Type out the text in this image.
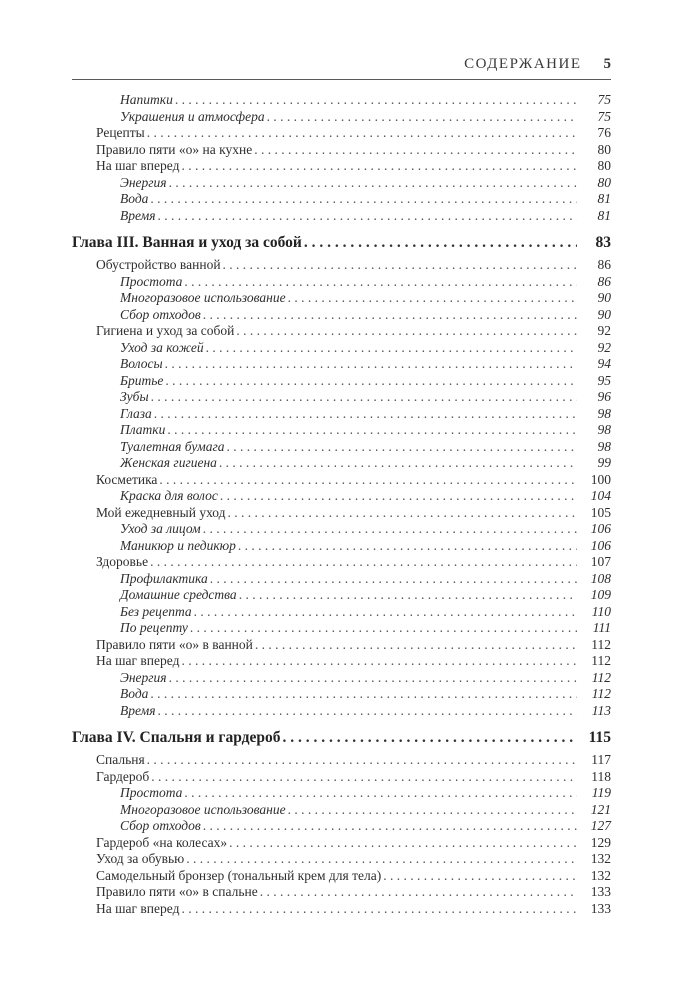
СОДЕРЖАНИЕ 5
Напитки . . .	75
Украшения и атмосфера . . .	75
Рецепты . . .	76
Правило пяти «о» на кухне . . .	80
На шаг вперед . . .	80
Энергия . . .	80
Вода . . .	81
Время . . .	81
Глава III. Ванная и уход за собой . . .	83
Обустройство ванной . . .	86
Простота . . .	86
Многоразовое использование . . .	90
Сбор отходов . . .	90
Гигиена и уход за собой . . .	92
Уход за кожей . . .	92
Волосы . . .	94
Бритье . . .	95
Зубы . . .	96
Глаза . . .	98
Платки . . .	98
Туалетная бумага . . .	98
Женская гигиена . . .	99
Косметика . . .	100
Краска для волос . . .	104
Мой ежедневный уход . . .	105
Уход за лицом . . .	106
Маникюр и педикюр . . .	106
Здоровье . . .	107
Профилактика . . .	108
Домашние средства . . .	109
Без рецепта . . .	110
По рецепту . . .	111
Правило пяти «о» в ванной . . .	112
На шаг вперед . . .	112
Энергия . . .	112
Вода . . .	112
Время . . .	113
Глава IV. Спальня и гардероб . . .	115
Спальня . . .	117
Гардероб . . .	118
Простота . . .	119
Многоразовое использование . . .	121
Сбор отходов . . .	127
Гардероб «на колесах» . . .	129
Уход за обувью . . .	132
Самодельный бронзер (тональный крем для тела) . . .	132
Правило пяти «о» в спальне . . .	133
На шаг вперед . . .	133
